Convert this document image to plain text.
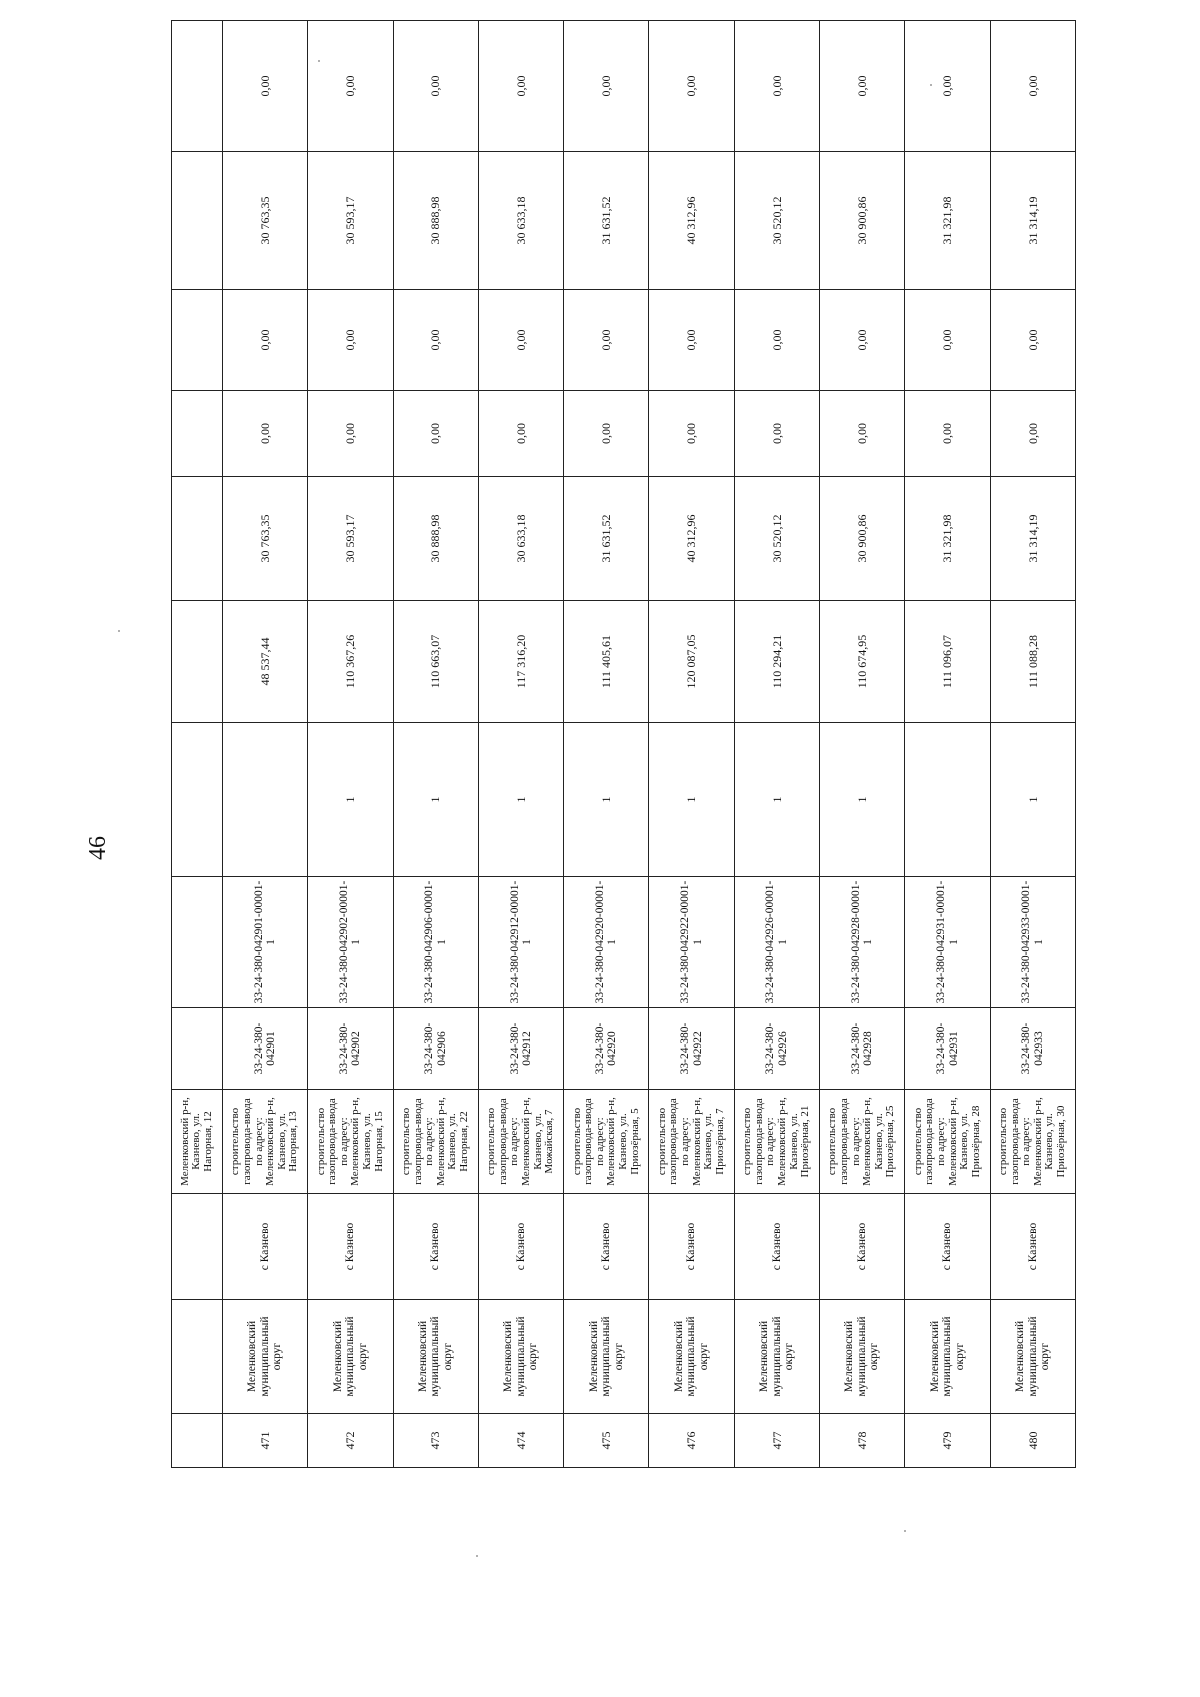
46
			Меленковский р-н, Казнево, ул. Нагорная, 12									
471	Меленковский муниципальный округ	с Казнево	строительство газопровода-ввода по адресу: Меленковский р-н, Казнево, ул. Нагорная, 13	33-24-380-042901	33-24-380-042901-00001-1		48 537,44	30 763,35	0,00	0,00	30 763,35	0,00
472	Меленковский муниципальный округ	с Казнево	строительство газопровода-ввода по адресу: Меленковский р-н, Казнево, ул. Нагорная, 15	33-24-380-042902	33-24-380-042902-00001-1	1	110 367,26	30 593,17	0,00	0,00	30 593,17	0,00
473	Меленковский муниципальный округ	с Казнево	строительство газопровода-ввода по адресу: Меленковский р-н, Казнево, ул. Нагорная, 22	33-24-380-042906	33-24-380-042906-00001-1	1	110 663,07	30 888,98	0,00	0,00	30 888,98	0,00
474	Меленковский муниципальный округ	с Казнево	строительство газопровода-ввода по адресу: Меленковский р-н, Казнево, ул. Можайская, 7	33-24-380-042912	33-24-380-042912-00001-1	1	117 316,20	30 633,18	0,00	0,00	30 633,18	0,00
475	Меленковский муниципальный округ	с Казнево	строительство газопровода-ввода по адресу: Меленковский р-н, Казнево, ул. Приозёрная, 5	33-24-380-042920	33-24-380-042920-00001-1	1	111 405,61	31 631,52	0,00	0,00	31 631,52	0,00
476	Меленковский муниципальный округ	с Казнево	строительство газопровода-ввода по адресу: Меленковский р-н, Казнево, ул. Приозёрная, 7	33-24-380-042922	33-24-380-042922-00001-1	1	120 087,05	40 312,96	0,00	0,00	40 312,96	0,00
477	Меленковский муниципальный округ	с Казнево	строительство газопровода-ввода по адресу: Меленковский р-н, Казнево, ул. Приозёрная, 21	33-24-380-042926	33-24-380-042926-00001-1	1	110 294,21	30 520,12	0,00	0,00	30 520,12	0,00
478	Меленковский муниципальный округ	с Казнево	строительство газопровода-ввода по адресу: Меленковский р-н, Казнево, ул. Приозёрная, 25	33-24-380-042928	33-24-380-042928-00001-1	1	110 674,95	30 900,86	0,00	0,00	30 900,86	0,00
479	Меленковский муниципальный округ	с Казнево	строительство газопровода-ввода по адресу: Меленковский р-н, Казнево, ул. Приозёрная, 28	33-24-380-042931	33-24-380-042931-00001-1		111 096,07	31 321,98	0,00	0,00	31 321,98	0,00
480	Меленковский муниципальный округ	с Казнево	строительство газопровода-ввода по адресу: Меленковский р-н, Казнево, ул. Приозёрная, 30	33-24-380-042933	33-24-380-042933-00001-1	1	111 088,28	31 314,19	0,00	0,00	31 314,19	0,00
